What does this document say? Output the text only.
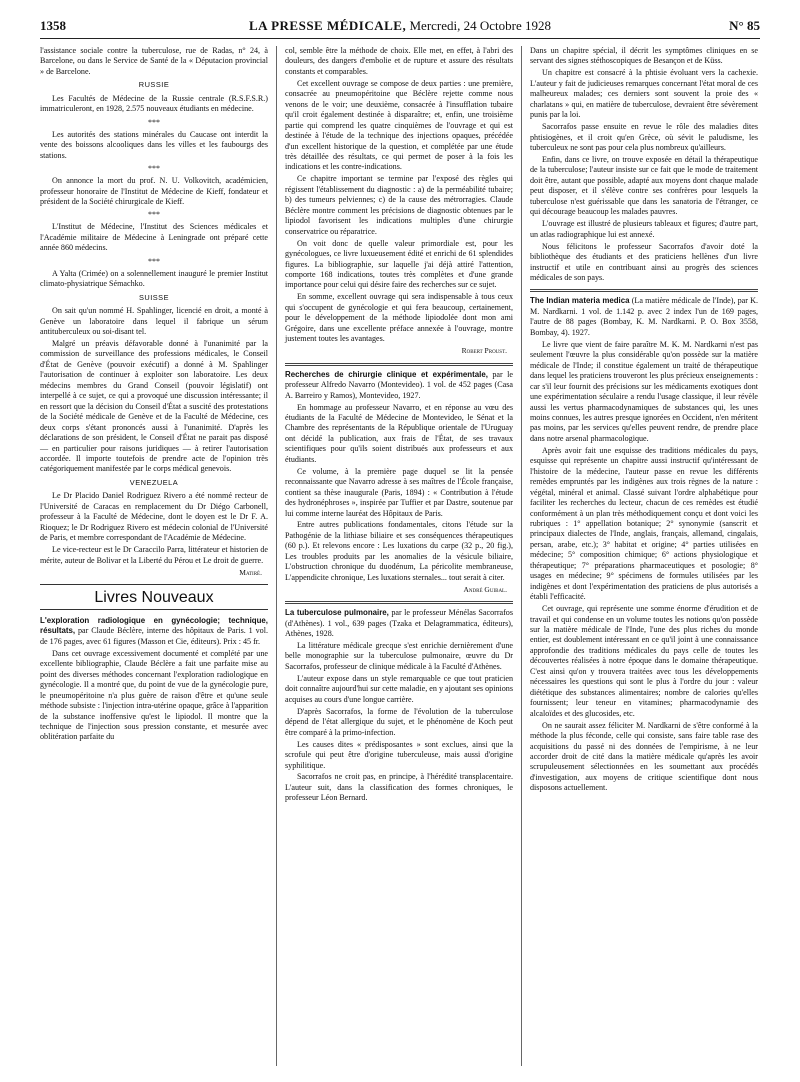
1358	LA PRESSE MÉDICALE, Mercredi, 24 Octobre 1928	N° 85

l'assistance sociale contre la tuberculose, rue de Radas, n° 24, à Barcelone, ou dans le Service de Santé de la « Députacion provincial » de Barcelone.

RUSSIE

Les Facultés de Médecine de la Russie centrale (R.S.F.S.R.) immatriculeront, en 1928, 2.575 nouveaux étudiants en médecine.

***

Les autorités des stations minérales du Caucase ont interdit la vente des boissons alcooliques dans les villes et les faubourgs des stations.

***

On annonce la mort du prof. N. U. Volkovitch, académicien, professeur honoraire de l'Institut de Médecine de Kieff, fondateur et président de la Société chirurgicale de Kieff.

***

L'Institut de Médecine, l'Institut des Sciences médicales et l'Académie militaire de Médecine à Leningrade ont préparé cette année 860 médecins.

***

A Yalta (Crimée) on a solennellement inauguré le premier Institut climato-physiatrique Sémachko.

SUISSE

On sait qu'un nommé H. Spahlinger, licencié en droit, a monté à Genève un laboratoire dans lequel il fabrique un sérum antituberculeux ou soi-disant tel.

Malgré un préavis défavorable donné à l'unanimité par la commission de surveillance des professions médicales, le Conseil d'État de Genève (pouvoir exécutif) a donné à M. Spahlinger l'autorisation de continuer à exploiter son laboratoire. Les deux médecins membres du Grand Conseil (pouvoir législatif) ont interpellé à ce sujet, ce qui a provoqué une discussion intéressante; il en ressort que la décision du Conseil d'État a suscité des protestations de la Société médicale de Genève et de la Faculté de Médecine, ces deux corps s'étant prononcés aussi à l'unanimité. D'après les déclarations de son président, le Conseil d'État ne parait pas disposé — en particulier pour raisons juridiques — à retirer l'autorisation accordée. Il importe toutefois de prendre acte de l'opinion très catégoriquement manifestée par le corps médical genevois.

VENEZUELA

Le Dr Placido Daniel Rodriguez Rivero a été nommé recteur de l'Université de Caracas en remplacement du Dr Diégo Carbonell, professeur à la Faculté de Médecine, dont le doyen est le Dr F. A. Rioquez; le Dr Rodriguez Rivero est médecin colonial de l'Université de Paris, et membre correspondant de l'Académie de Médecine.

Le vice-recteur est le Dr Caraccilo Parra, littérateur et historien de mérite, auteur de Bolivar et la Liberté du Pérou et Le droit de guerre.

Matiré.
Livres Nouveaux

L'exploration radiologique en gynécologie; technique, résultats, par Claude Béclère, interne des hôpitaux de Paris. 1 vol. de 176 pages, avec 61 figures (Masson et Cie, éditeurs). Prix : 45 fr.

Dans cet ouvrage excessivement documenté et complété par une excellente bibliographie, Claude Béclère a fait une parfaite mise au point des diverses méthodes concernant l'exploration radiologique en gynécologie. Il a montré que, du point de vue de la gynécologie pure, le pneumopéritoine n'a plus guère de raison d'être et qu'une seule méthode subsiste : l'injection intra-utérine opaque, grâce à l'apparition de la substance inoffensive qu'est le lipiodol. Il montre que la technique de l'injection sous pression constante, et mesurée avec oblitération parfaite du

col, semble être la méthode de choix. Elle met, en effet, à l'abri des douleurs, des dangers d'embolie et de rupture et assure des résultats constants et comparables.

Cet excellent ouvrage se compose de deux parties : une première, consacrée au pneumopéritoine que Béclère rejette comme nous venons de le voir; une deuxième, consacrée à l'insufflation tubaire qu'il croit également destinée à disparaître; et, enfin, une troisième partie qui comprend les quatre cinquièmes de l'ouvrage et qui est destinée à l'étude de la technique des injections opaques, précédée d'un excellent historique de la question, et complétée par une étude très détaillée des résultats, ce qui permet de poser à la fois les indications et les contre-indications.

Ce chapitre important se termine par l'exposé des règles qui régissent l'établissement du diagnostic : a) de la perméabilité tubaire; b) des tumeurs pelviennes; c) de la cause des métrorragies. Claude Béclère montre comment les précisions de diagnostic obtenues par le lipiodol favorisent les indications multiples d'une chirurgie conservatrice ou réparatrice.

On voit donc de quelle valeur primordiale est, pour les gynécologues, ce livre luxueusement édité et enrichi de 61 splendides figures. La bibliographie, sur laquelle j'ai déjà attiré l'attention, comporte 168 indications, toutes très complètes et d'une grande importance pour celui qui désire faire des recherches sur ce sujet.

En somme, excellent ouvrage qui sera indispensable à tous ceux qui s'occupent de gynécologie et qui fera beaucoup, certainement, pour le développement de la méthode lipiodolée dont mon ami Grégoire, dans une excellente préface annexée à l'ouvrage, montre justement toutes les avantages.

Robert Proust.

Recherches de chirurgie clinique et expérimentale, par le professeur Alfredo Navarro (Montevideo). 1 vol. de 452 pages (Casa A. Barreiro y Ramos), Montevideo, 1927.

En hommage au professeur Navarro, et en réponse au vœu des étudiants de la Faculté de Médecine de Montevideo, le Sénat et la Chambre des représentants de la République orientale de l'Uruguay ont décidé la publication, aux frais de l'État, de ses travaux scientifiques pour qu'ils soient distribués aux professeurs et aux étudiants.

Ce volume, à la première page duquel se lit la pensée reconnaissante que Navarro adresse à ses maîtres de l'École française, contient sa thèse inaugurale (Paris, 1894) : « Contribution à l'étude des hydronéphroses », inspirée par Tuffier et par Dastre, soutenue par lui comme interne lauréat des Hôpitaux de Paris.

Entre autres publications fondamentales, citons l'étude sur la Pathogénie de la lithiase biliaire et ses conséquences thérapeutiques (60 p.). Et relevons encore : Les luxations du carpe (32 p., 20 fig.), Les troubles produits par les anomalies de la vésicule biliaire, L'obstruction chronique du duodénum, La péricolite membraneuse, L'appendicite chronique, Les luxations sternales... tout serait à citer.

André Guibal.

La tuberculose pulmonaire, par le professeur Ménélas Sacorrafos (d'Athènes). 1 vol., 639 pages (Tzaka et Delagrammatica, éditeurs), Athènes, 1928.

La littérature médicale grecque s'est enrichie dernièrement d'une belle monographie sur la tuberculose pulmonaire, œuvre du Dr Sacorrafos, professeur de clinique médicale à la Faculté d'Athènes.

L'auteur expose dans un style remarquable ce que tout praticien doit connaître aujourd'hui sur cette maladie, en y ajoutant ses opinions acquises au cours d'une longue carrière.

D'après Sacorrafos, la forme de l'évolution de la tuberculose dépend de l'état allergique du sujet, et le phénomène de Koch peut être comparé à la primo-infection.

Les causes dites « prédisposantes » sont exclues, ainsi que la scrofule qui peut être d'origine tuberculeuse, mais aussi d'origine syphilitique.

Sacorrafos ne croit pas, en principe, à l'hérédité transplacentaire. L'auteur suit, dans la classification des formes chroniques, le professeur Léon Bernard.

Dans un chapitre spécial, il décrit les symptômes cliniques en se servant des signes stéthoscopiques de Besançon et de Küss.

Un chapitre est consacré à la phtisie évoluant vers la cachexie. L'auteur y fait de judicieuses remarques concernant l'état moral de ces malheureux malades; ces derniers sont souvent la proie des « charlatans » qui, en matière de tuberculose, devraient être sévèrement punis par la loi.

Sacorrafos passe ensuite en revue le rôle des maladies dites phtisiogènes, et il croit qu'en Grèce, où sévit le paludisme, les tuberculeux ne sont pas pour cela plus nombreux qu'ailleurs.

Enfin, dans ce livre, on trouve exposée en détail la thérapeutique de la tuberculose; l'auteur insiste sur ce fait que le mode de traitement doit être, autant que possible, adapté aux moyens dont chaque malade peut disposer, et il s'élève contre ses confrères pour lesquels la tuberculose n'est guérissable que dans les sanatoria de l'étranger, ce qui décourage beaucoup les malades pauvres.

L'ouvrage est illustré de plusieurs tableaux et figures; d'autre part, un atlas radiographique lui est annexé.

Nous félicitons le professeur Sacorrafos d'avoir doté la bibliothèque des étudiants et des praticiens hellènes d'un livre instructif et utile en contribuant ainsi au progrès des sciences médicales de son pays.

The Indian materia medica (La matière médicale de l'Inde), par K. M. Nardkarni. 1 vol. de 1.142 p. avec 2 index l'un de 169 pages, l'autre de 88 pages (Bombay, K. M. Nardkarni. P. O. Box 3558, Bombay, 4). 1927.

Le livre que vient de faire paraître M. K. M. Nardkarni n'est pas seulement l'œuvre la plus considérable qu'on possède sur la matière médicale de l'Inde; il constitue également un traité de thérapeutique dans lequel les praticiens trouveront les plus précieux enseignements : car s'il leur fournit des précisions sur les médicaments exotiques dont une expérimentation séculaire a rendu l'usage classique, il leur révèle aussi les vertus pharmacodynamiques de substances qui, les unes moins connues, les autres presque ignorées en Occident, n'en méritent pas moins, par les services qu'elles peuvent rendre, de prendre place dans notre arsenal pharmacologique.

Après avoir fait une esquisse des traditions médicales du pays, esquisse qui représente un chapitre aussi instructif qu'intéressant de l'histoire de la médecine, l'auteur passe en revue les différents remèdes empruntés par les indigènes aux trois règnes de la nature : végétal, minéral et animal. Classé suivant l'ordre alphabétique pour faciliter les recherches du lecteur, chacun de ces remèdes est étudié conformément à un plan très méthodiquement conçu et dont voici les rubriques : 1° appellation botanique; 2° synonymie (sanscrit et principaux dialectes de l'Inde, anglais, français, allemand, cingalais, persan, arabe, etc.); 3° habitat et origine; 4° parties utilisées en médecine; 5° composition chimique; 6° actions physiologique et thérapeutique; 7° préparations pharmaceutiques et posologie; 8° usages en médecine; 9° spécimens de formules utilisées par les indigènes et dont l'expérimentation des praticiens de plus autorisés a établi l'efficacité.

Cet ouvrage, qui représente une somme énorme d'érudition et de travail et qui condense en un volume toutes les notions qu'on possède sur la matière médicale de l'Inde, l'une des plus riches du monde entier, est doublement intéressant en ce qu'il joint à une connaissance approfondie des traditions médicales du pays celle de toutes les découvertes réalisées à notre époque dans le domaine thérapeutique. C'est ainsi qu'on y trouvera traitées avec tous les développements nécessaires les questions qui sont le plus à l'ordre du jour : valeur diététique des substances alimentaires; nombre de calories qu'elles fournissent; leur teneur en vitamines; pharmacodynamie des alcaloïdes et des glucosides, etc.

On ne saurait assez féliciter M. Nardkarni de s'être conformé à la méthode la plus féconde, celle qui consiste, sans faire table rase des acquisitions du passé ni des données de l'empirisme, à ne leur accorder droit de cité dans la matière médicale qu'après les avoir scrupuleusement sélectionnées en les soumettant aux procédés d'investigation, aux moyens de critique scientifique dont nous disposons actuellement.
